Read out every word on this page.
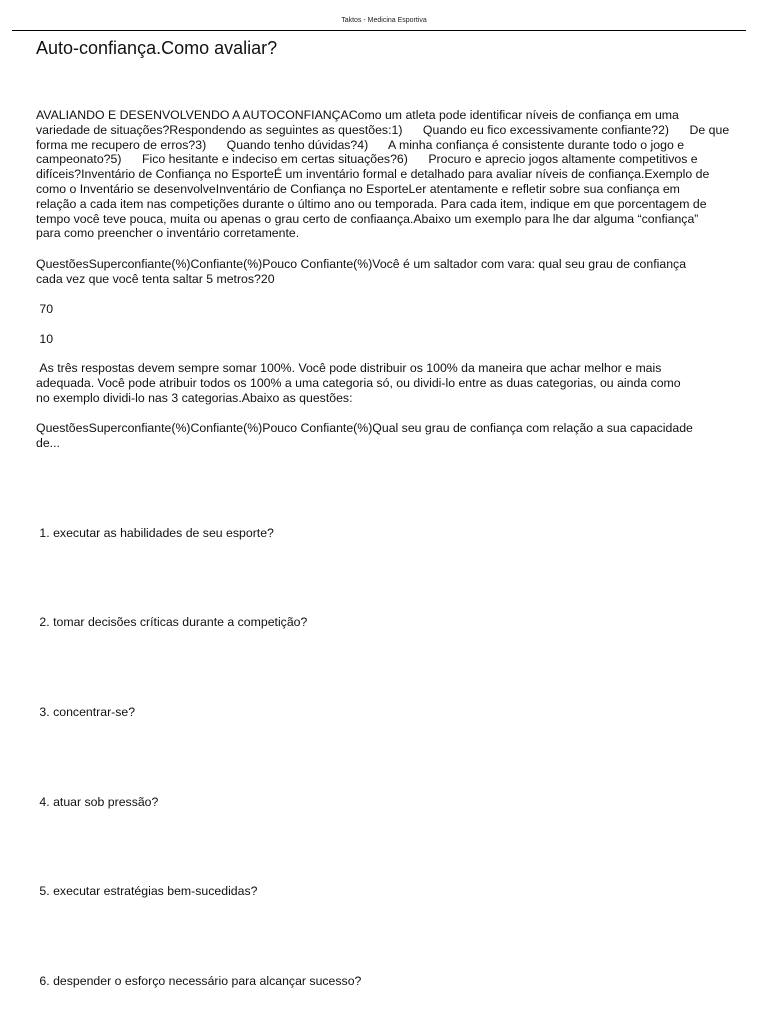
Taktos - Medicina Esportiva
Auto-confiança.Como avaliar?

AVALIANDO E DESENVOLVENDO A AUTOCONFIANÇAComo um atleta pode identificar níveis de confiança em uma
variedade de situações?Respondendo as seguintes as questões:1)      Quando eu fico excessivamente confiante?2)      De que
forma me recupero de erros?3)      Quando tenho dúvidas?4)      A minha confiança é consistente durante todo o jogo e
campeonato?5)      Fico hesitante e indeciso em certas situações?6)      Procuro e aprecio jogos altamente competitivos e
difíceis?Inventário de Confiança no EsporteÉ um inventário formal e detalhado para avaliar níveis de confiança.Exemplo de
como o Inventário se desenvolveInventário de Confiança no EsporteLer atentamente e refletir sobre sua confiança em
relação a cada item nas competições durante o último ano ou temporada. Para cada item, indique em que porcentagem de
tempo você teve pouca, muita ou apenas o grau certo de confiaança.Abaixo um exemplo para lhe dar alguma “confiança”
para como preencher o inventário corretamente.

QuestõesSuperconfiante(%)Confiante(%)Pouco Confiante(%)Você é um saltador com vara: qual seu grau de confiança
cada vez que você tenta saltar 5 metros?20

70
10

As três respostas devem sempre somar 100%. Você pode distribuir os 100% da maneira que achar melhor e mais
adequada. Você pode atribuir todos os 100% a uma categoria só, ou dividi-lo entre as duas categorias, ou ainda como
no exemplo dividi-lo nas 3 categorias.Abaixo as questões:

QuestõesSuperconfiante(%)Confiante(%)Pouco Confiante(%)Qual seu grau de confiança com relação a sua capacidade
de...

1. executar as habilidades de seu esporte?
2. tomar decisões críticas durante a competição?
3. concentrar-se?
4. atuar sob pressão?
5. executar estratégias bem-sucedidas?
6. despender o esforço necessário para alcançar sucesso?
